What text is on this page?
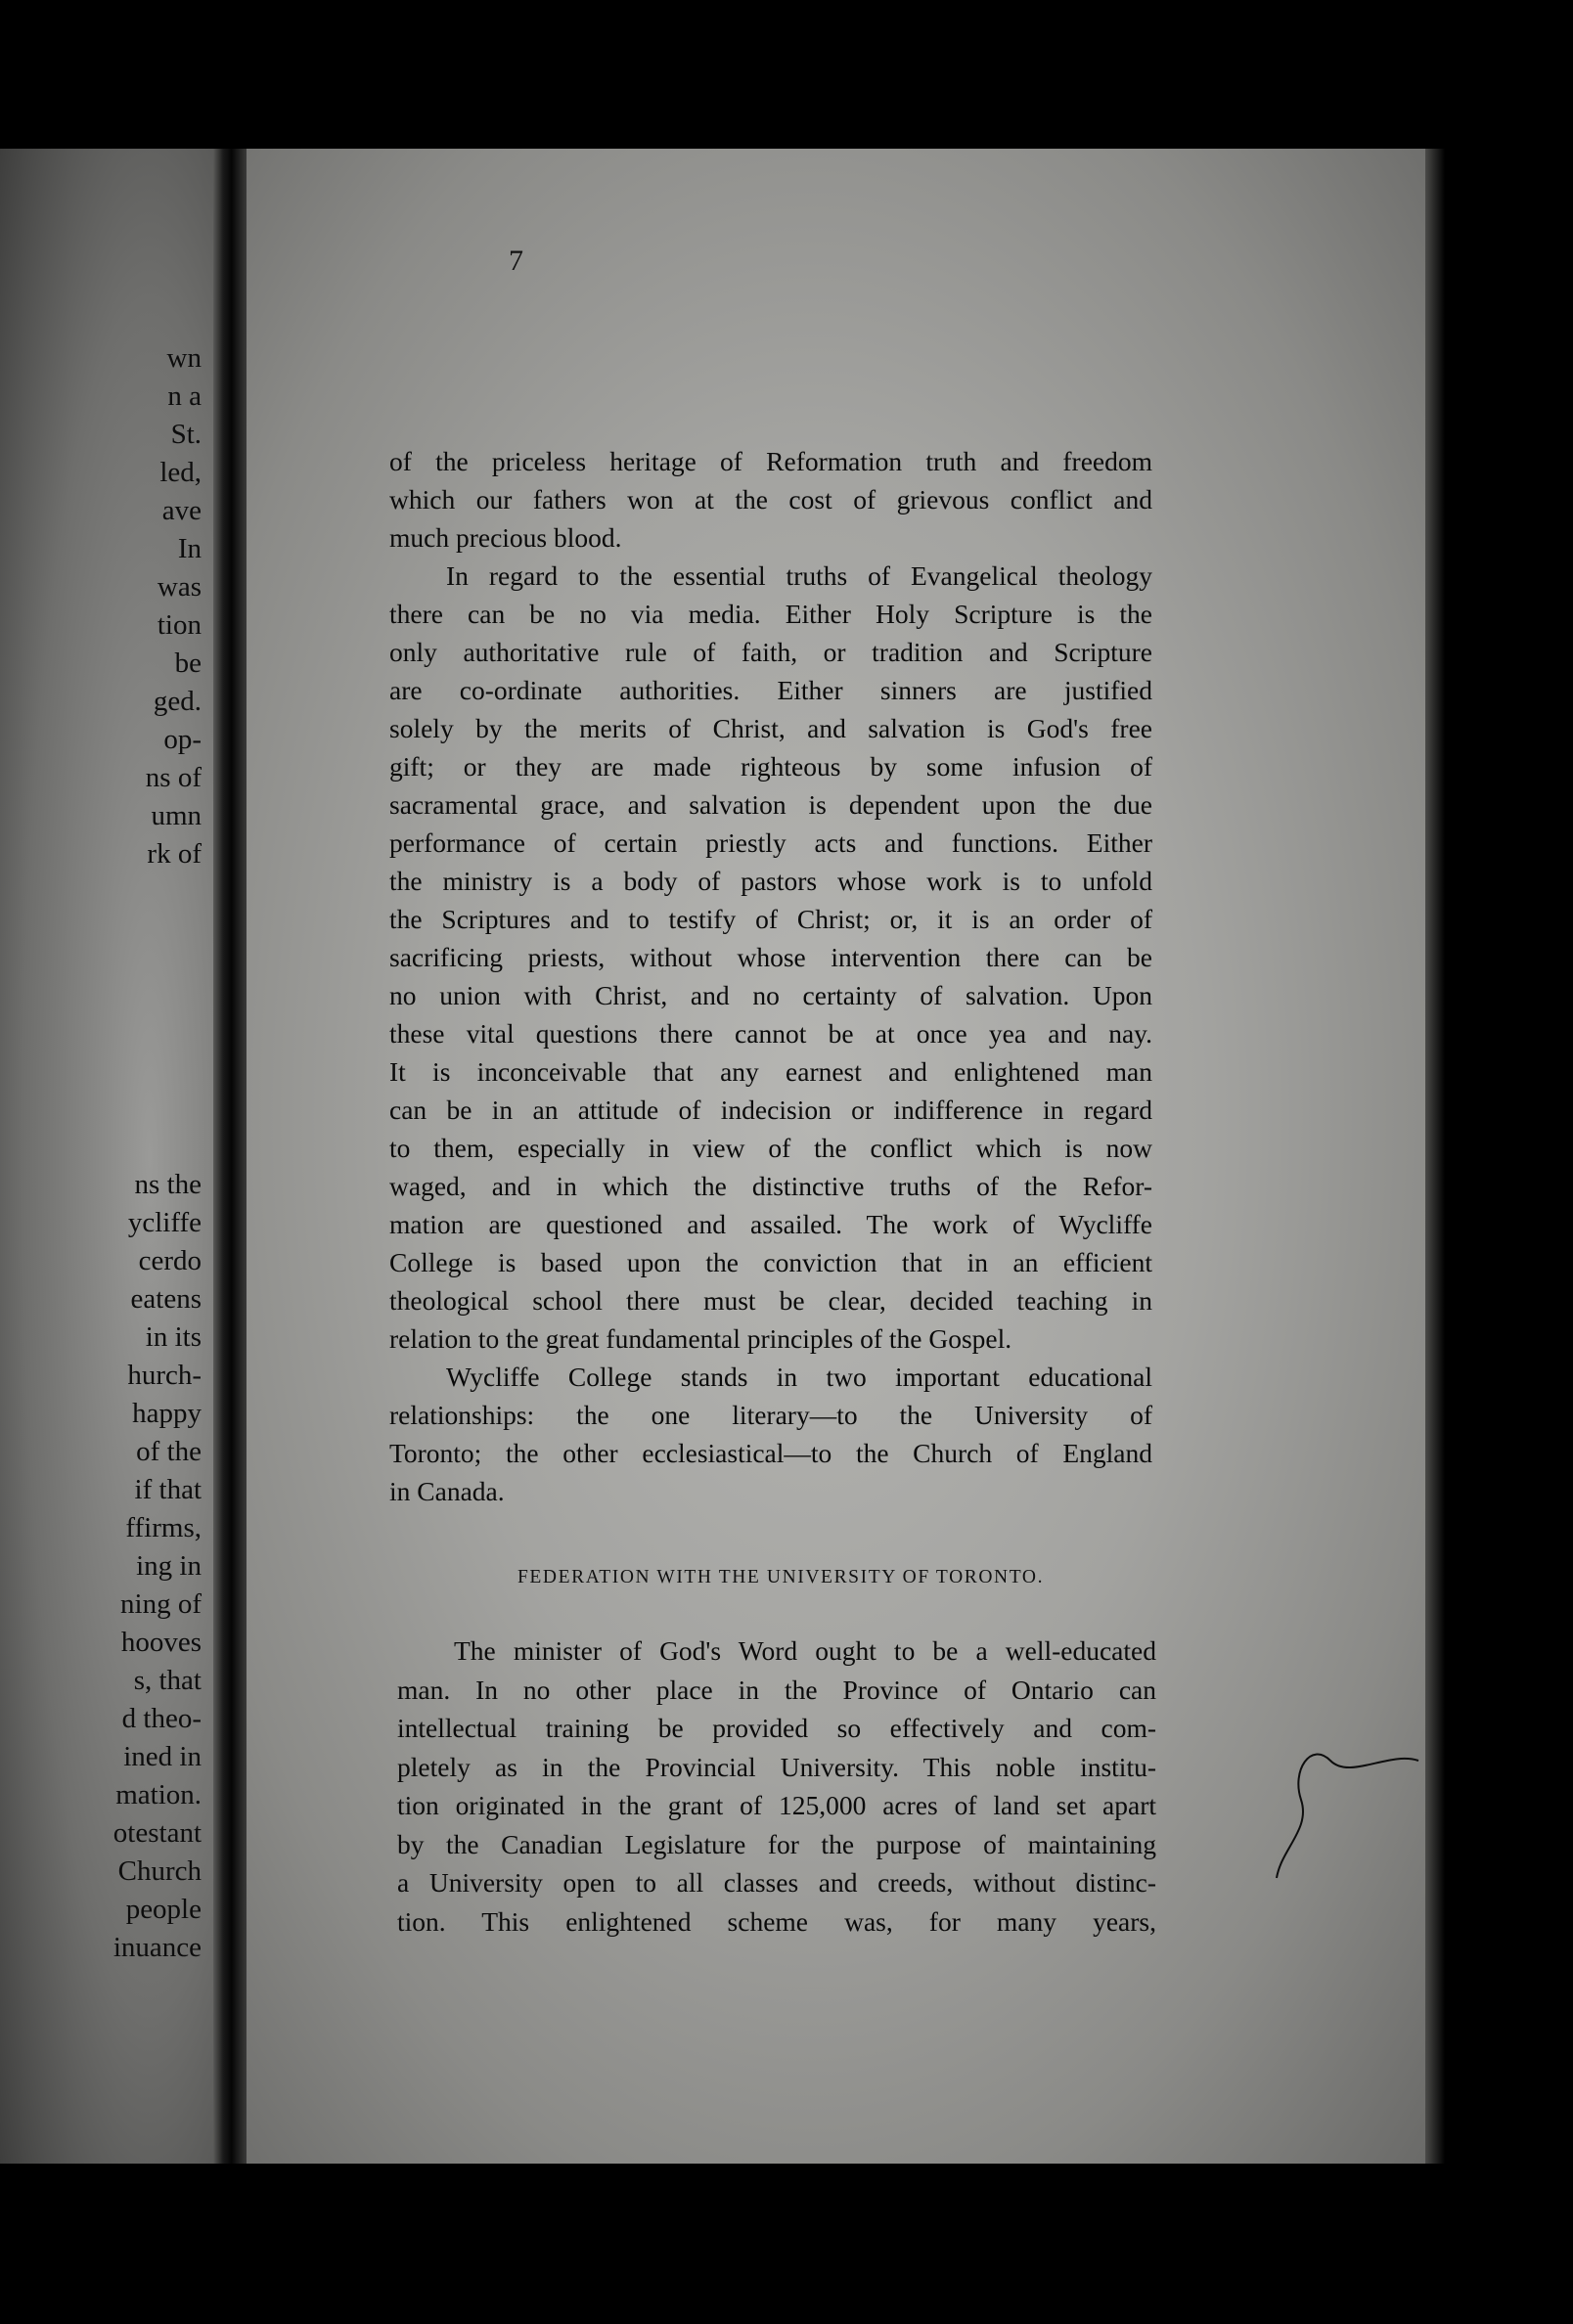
wn
n a
St.
led,
ave
In
was
tion
be
ged.
op-
ns of
umn
rk of
ns the
ycliffe
cerdo
eatens
in its
hurch-
happy
of the
if that
ffirms,
ing in
ning of
hooves
s, that
d theo-
ined in
mation.
otestant
Church
people
inuance
7
of the priceless heritage of Reformation truth and freedom
which our fathers won at the cost of grievous conflict and
much precious blood.
In regard to the essential truths of Evangelical theology
there can be no via media. Either Holy Scripture is the
only authoritative rule of faith, or tradition and Scripture
are co-ordinate authorities. Either sinners are justified
solely by the merits of Christ, and salvation is God's free
gift; or they are made righteous by some infusion of
sacramental grace, and salvation is dependent upon the due
performance of certain priestly acts and functions. Either
the ministry is a body of pastors whose work is to unfold
the Scriptures and to testify of Christ; or, it is an order of
sacrificing priests, without whose intervention there can be
no union with Christ, and no certainty of salvation. Upon
these vital questions there cannot be at once yea and nay.
It is inconceivable that any earnest and enlightened man
can be in an attitude of indecision or indifference in regard
to them, especially in view of the conflict which is now
waged, and in which the distinctive truths of the Refor-
mation are questioned and assailed. The work of Wycliffe
College is based upon the conviction that in an efficient
theological school there must be clear, decided teaching in
relation to the great fundamental principles of the Gospel.
Wycliffe College stands in two important educational
relationships: the one literary—to the University of
Toronto; the other ecclesiastical—to the Church of England
in Canada.
FEDERATION WITH THE UNIVERSITY OF TORONTO.
The minister of God's Word ought to be a well-educated
man. In no other place in the Province of Ontario can
intellectual training be provided so effectively and com-
pletely as in the Provincial University. This noble institu-
tion originated in the grant of 125,000 acres of land set apart
by the Canadian Legislature for the purpose of maintaining
a University open to all classes and creeds, without distinc-
tion. This enlightened scheme was, for many years,
